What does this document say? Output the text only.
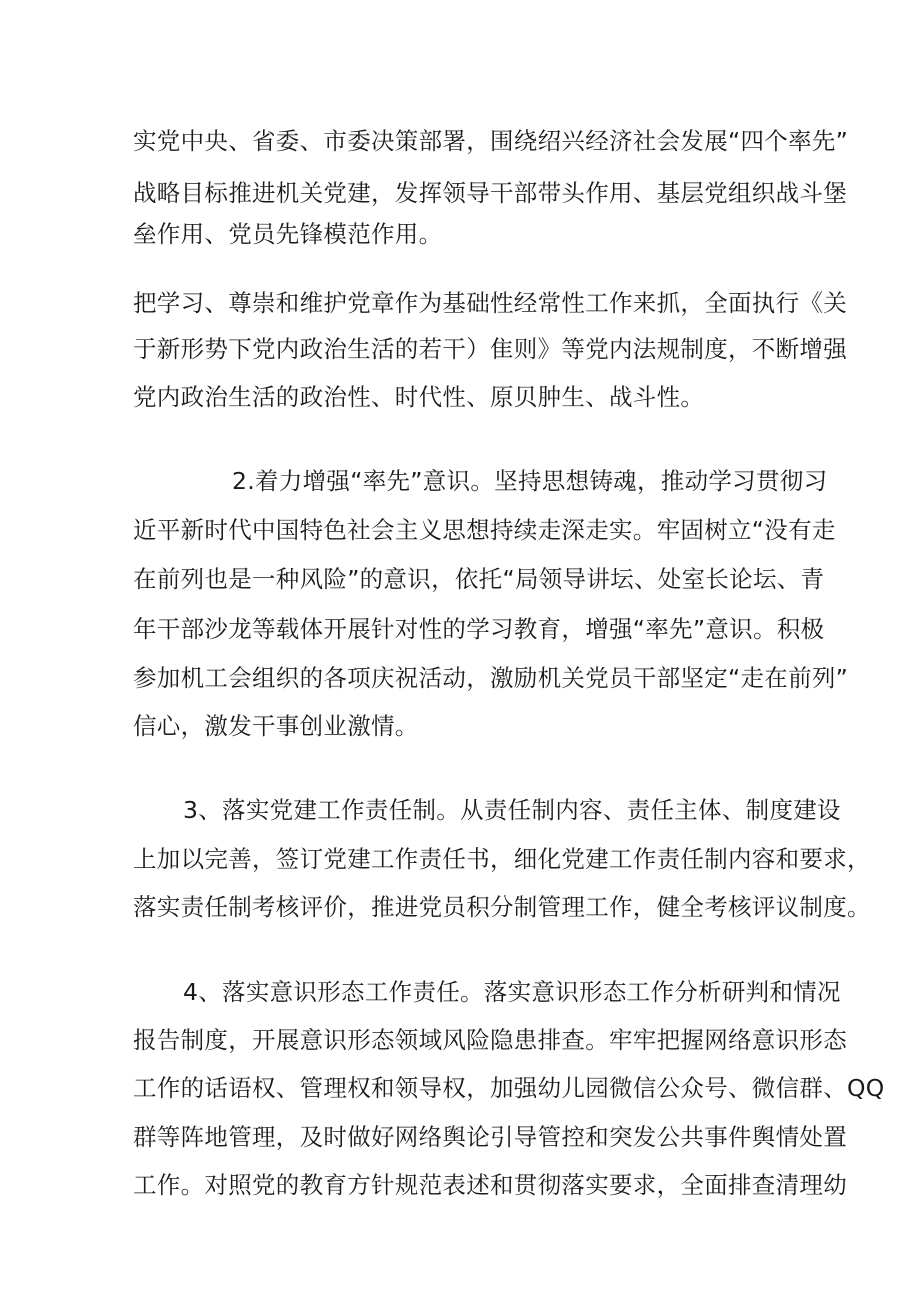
实党中央、省委、市委决策部署，围绕绍兴经济社会发展“四个率先”
战略目标推进机关党建，发挥领导干部带头作用、基层党组织战斗堡
垒作用、党员先锋模范作用。
把学习、尊崇和维护党章作为基础性经常性工作来抓，全面执行《关
于新形势下党内政治生活的若干）隹则》等党内法规制度，不断增强
党内政治生活的政治性、时代性、原贝肿生、战斗性。
2.着力增强“率先”意识。坚持思想铸魂，推动学习贯彻习
近平新时代中国特色社会主义思想持续走深走实。牢固树立“没有走
在前列也是一种风险”的意识，依托“局领导讲坛、处室长论坛、青
年干部沙龙等载体开展针对性的学习教育，增强“率先”意识。积极
参加机工会组织的各项庆祝活动，激励机关党员干部坚定“走在前列”
信心，激发干事创业激情。
3、落实党建工作责任制。从责任制内容、责任主体、制度建设
上加以完善，签订党建工作责任书，细化党建工作责任制内容和要求，
落实责任制考核评价，推进党员积分制管理工作，健全考核评议制度。
4、落实意识形态工作责任。落实意识形态工作分析研判和情况
报告制度，开展意识形态领域风险隐患排查。牢牢把握网络意识形态
工作的话语权、管理权和领导权，加强幼儿园微信公众号、微信群、QQ
群等阵地管理，及时做好网络舆论引导管控和突发公共事件舆情处置
工作。对照党的教育方针规范表述和贯彻落实要求，全面排查清理幼
